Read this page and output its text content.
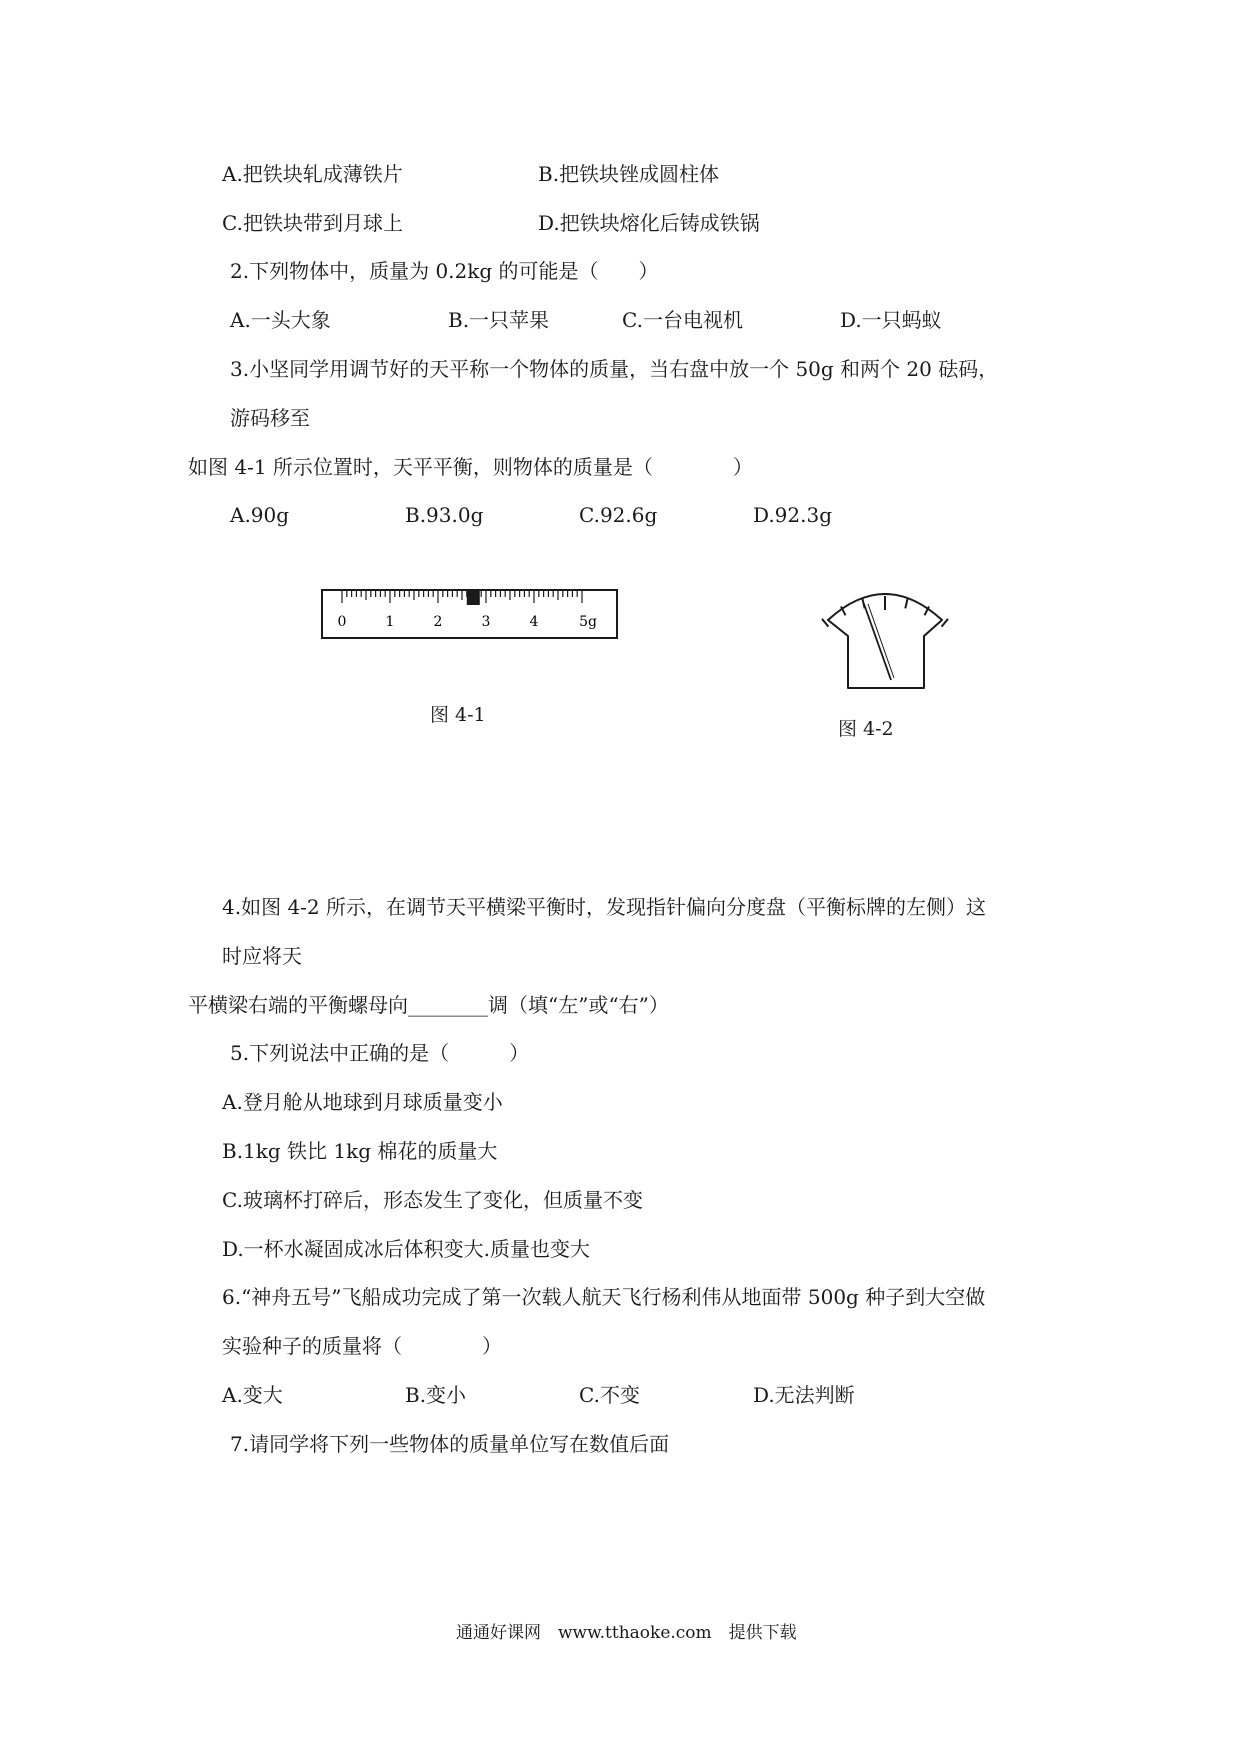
A.把铁块轧成薄铁片	B.把铁块锉成圆柱体
C.把铁块带到月球上	D.把铁块熔化后铸成铁锅
2.下列物体中，质量为 0.2kg 的可能是（　　）
A.一头大象	B.一只苹果	C.一台电视机	D.一只蚂蚁
3.小坚同学用调节好的天平称一个物体的质量，当右盘中放一个 50g 和两个 20 砝码，
游码移至
如图 4-1 所示位置时，天平平衡，则物体的质量是（　　　　）
A.90g	B.93.0g	C.92.6g	D.92.3g
0	1	2	3	4	5g
图 4-1
图 4-2
4.如图 4-2 所示，在调节天平横梁平衡时，发现指针偏向分度盘（平衡标牌的左侧）这
时应将天
平横梁右端的平衡螺母向________调（填“左”或“右”）
5.下列说法中正确的是（　　　）
A.登月舱从地球到月球质量变小
B.1kg 铁比 1kg 棉花的质量大
C.玻璃杯打碎后，形态发生了变化，但质量不变
D.一杯水凝固成冰后体积变大.质量也变大
6.“神舟五号”飞船成功完成了第一次载人航天飞行杨利伟从地面带 500g 种子到大空做
实验种子的质量将（　　　　）
A.变大	B.变小	C.不变	D.无法判断
7.请同学将下列一些物体的质量单位写在数值后面
通通好课网　www.tthaoke.com　提供下载
